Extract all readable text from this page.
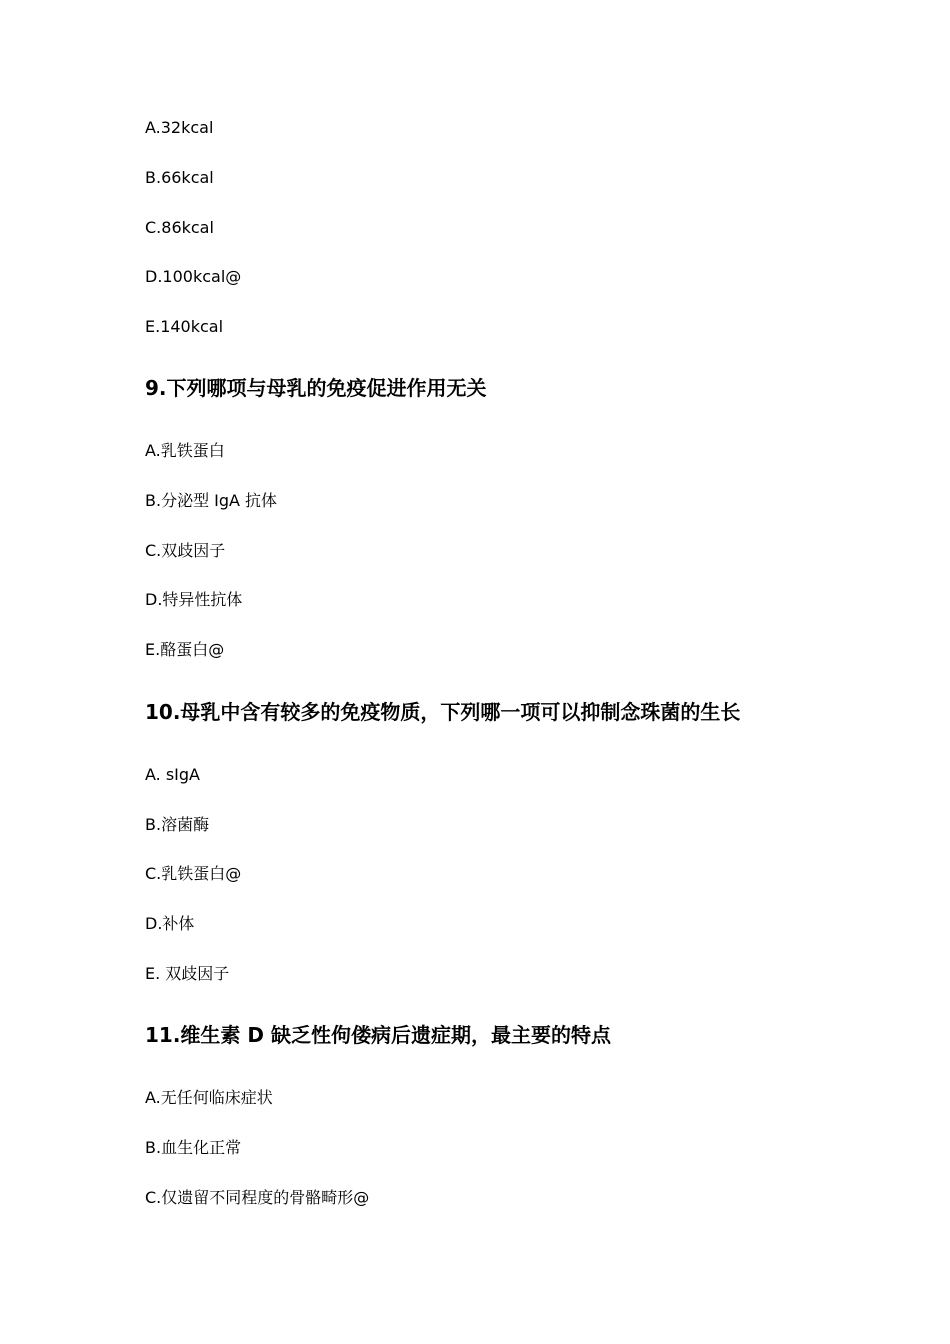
A.32kcal
B.66kcal
C.86kcal
D.100kcal@
E.140kcal
9.下列哪项与母乳的免疫促进作用无关
A.乳铁蛋白
B.分泌型 IgA 抗体
C.双歧因子
D.特异性抗体
E.酪蛋白@
10.母乳中含有较多的免疫物质，下列哪一项可以抑制念珠菌的生长
A. sIgA
B.溶菌酶
C.乳铁蛋白@
D.补体
E. 双歧因子
11.维生素 D 缺乏性佝偻病后遗症期，最主要的特点
A.无任何临床症状
B.血生化正常
C.仅遗留不同程度的骨骼畸形@
